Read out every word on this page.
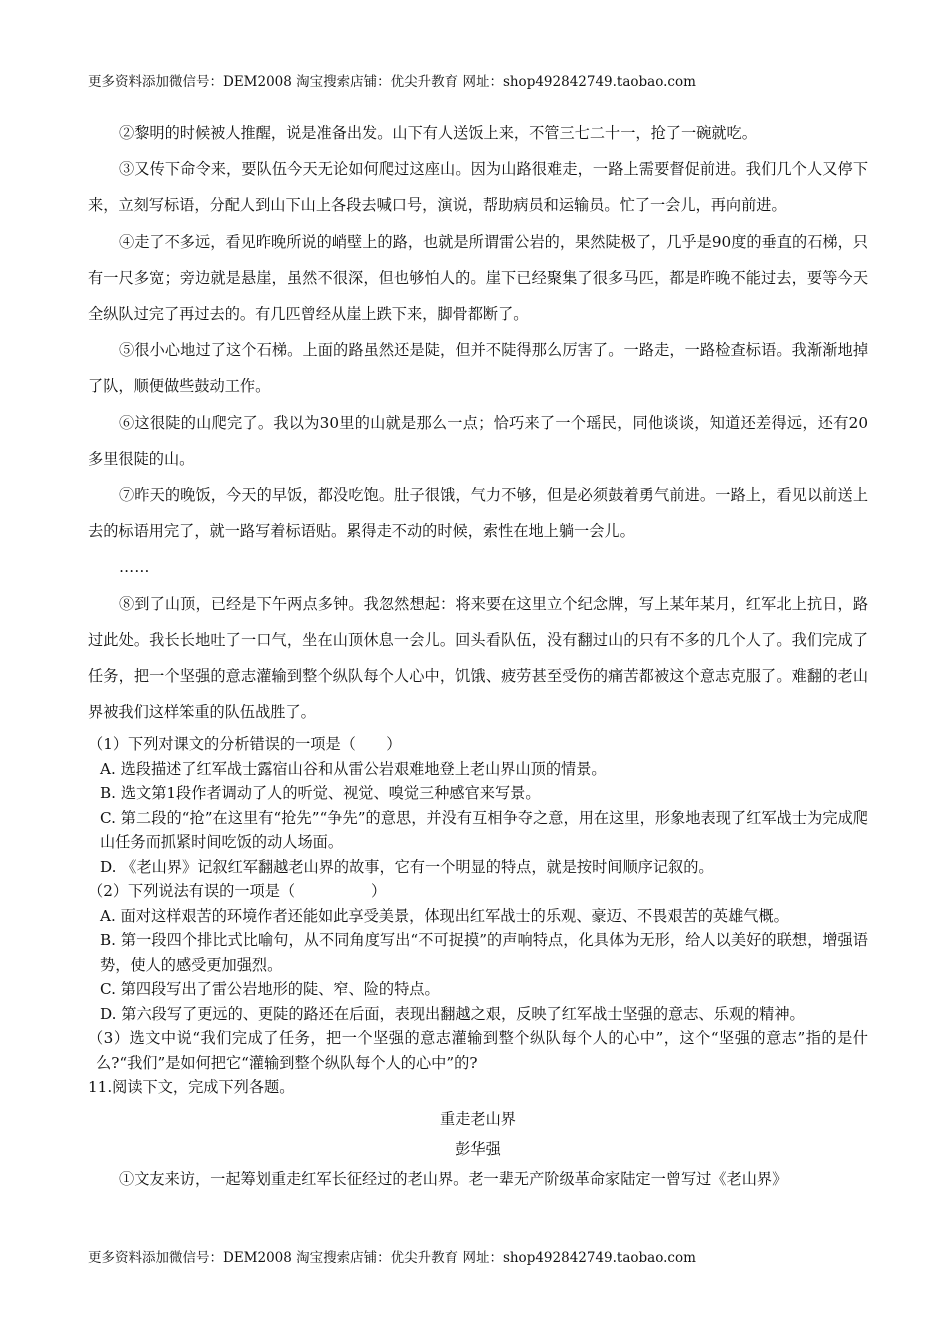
更多资料添加微信号：DEM2008 淘宝搜索店铺：优尖升教育 网址：shop492842749.taobao.com

②黎明的时候被人推醒，说是准备出发。山下有人送饭上来，不管三七二十一，抢了一碗就吃。

③又传下命令来，要队伍今天无论如何爬过这座山。因为山路很难走，一路上需要督促前进。我们几个人又停下来，立刻写标语，分配人到山下山上各段去喊口号，演说，帮助病员和运输员。忙了一会儿，再向前进。

④走了不多远，看见昨晚所说的峭壁上的路，也就是所谓雷公岩的，果然陡极了，几乎是90度的垂直的石梯，只有一尺多宽；旁边就是悬崖，虽然不很深，但也够怕人的。崖下已经聚集了很多马匹，都是昨晚不能过去，要等今天全纵队过完了再过去的。有几匹曾经从崖上跌下来，脚骨都断了。

⑤很小心地过了这个石梯。上面的路虽然还是陡，但并不陡得那么厉害了。一路走，一路检查标语。我渐渐地掉了队，顺便做些鼓动工作。

⑥这很陡的山爬完了。我以为30里的山就是那么一点；恰巧来了一个瑶民，同他谈谈，知道还差得远，还有20多里很陡的山。

⑦昨天的晚饭，今天的早饭，都没吃饱。肚子很饿，气力不够，但是必须鼓着勇气前进。一路上，看见以前送上去的标语用完了，就一路写着标语贴。累得走不动的时候，索性在地上躺一会儿。

……

⑧到了山顶，已经是下午两点多钟。我忽然想起：将来要在这里立个纪念牌，写上某年某月，红军北上抗日，路过此处。我长长地吐了一口气，坐在山顶休息一会儿。回头看队伍，没有翻过山的只有不多的几个人了。我们完成了任务，把一个坚强的意志灌输到整个纵队每个人心中，饥饿、疲劳甚至受伤的痛苦都被这个意志克服了。难翻的老山界被我们这样笨重的队伍战胜了。

（1）下列对课文的分析错误的一项是（　　）

A. 选段描述了红军战士露宿山谷和从雷公岩艰难地登上老山界山顶的情景。

B. 选文第1段作者调动了人的听觉、视觉、嗅觉三种感官来写景。

C. 第二段的“抢”在这里有“抢先”“争先”的意思，并没有互相争夺之意，用在这里，形象地表现了红军战士为完成爬山任务而抓紧时间吃饭的动人场面。

D. 《老山界》记叙红军翻越老山界的故事，它有一个明显的特点，就是按时间顺序记叙的。

（2）下列说法有误的一项是（　　　　　）

A. 面对这样艰苦的环境作者还能如此享受美景，体现出红军战士的乐观、豪迈、不畏艰苦的英雄气概。

B. 第一段四个排比式比喻句，从不同角度写出“不可捉摸”的声响特点，化具体为无形，给人以美好的联想，增强语势，使人的感受更加强烈。

C. 第四段写出了雷公岩地形的陡、窄、险的特点。

D. 第六段写了更远的、更陡的路还在后面，表现出翻越之艰，反映了红军战士坚强的意志、乐观的精神。

（3）选文中说“我们完成了任务，把一个坚强的意志灌输到整个纵队每个人的心中”，这个“坚强的意志”指的是什么?“我们”是如何把它“灌输到整个纵队每个人的心中”的?

11.阅读下文，完成下列各题。

重走老山界

彭华强

①文友来访，一起筹划重走红军长征经过的老山界。老一辈无产阶级革命家陆定一曾写过《老山界》

更多资料添加微信号：DEM2008 淘宝搜索店铺：优尖升教育 网址：shop492842749.taobao.com
